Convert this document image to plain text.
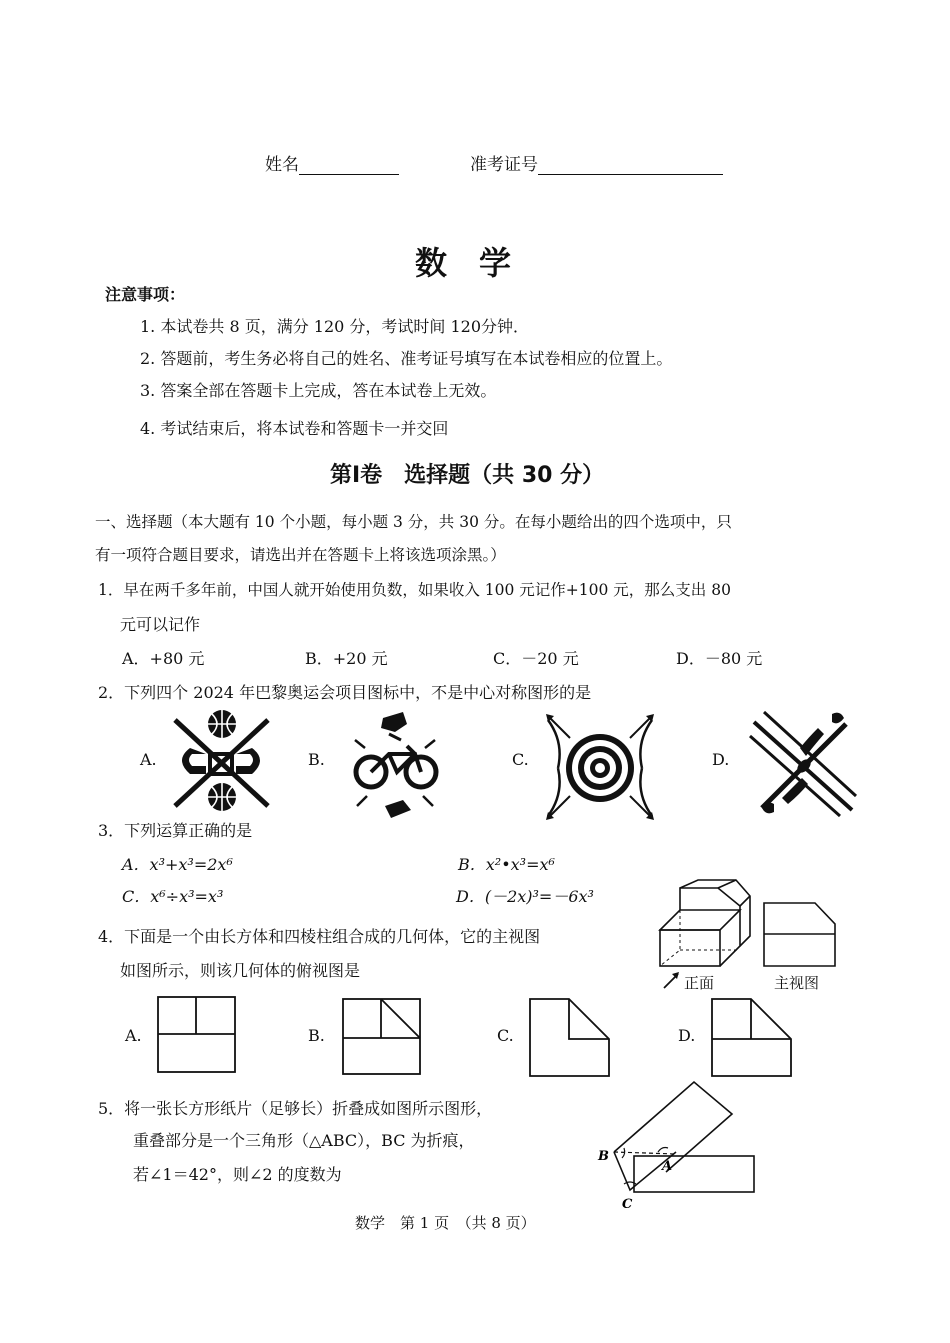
姓名	准考证号
数　学
注意事项：
1. 本试卷共 8 页，满分 120 分，考试时间 120分钟．
2. 答题前，考生务必将自己的姓名、准考证号填写在本试卷相应的位置上。
3. 答案全部在答题卡上完成，答在本试卷上无效。
4. 考试结束后，将本试卷和答题卡一并交回
第Ⅰ卷　选择题（共 30 分）
一、选择题（本大题有 10 个小题，每小题 3 分，共 30 分。在每小题给出的四个选项中，只
有一项符合题目要求，请选出并在答题卡上将该选项涂黑。）
1．早在两千多年前，中国人就开始使用负数，如果收入 100 元记作+100 元，那么支出 80
元可以记作
A．+80 元	B．+20 元	C．－20 元	D．－80 元
2．下列四个 2024 年巴黎奥运会项目图标中，不是中心对称图形的是
A.	B.	C.	D.
3．下列运算正确的是
A．x³+x³=2x⁶	B．x²•x³=x⁶
C．x⁶÷x³=x³	D．(－2x)³=－6x³
4．下面是一个由长方体和四棱柱组合成的几何体，它的主视图
如图所示，则该几何体的俯视图是
正面	主视图
A.	B.	C.	D.
5．将一张长方形纸片（足够长）折叠成如图所示图形，
重叠部分是一个三角形（△ABC），BC 为折痕，
若∠1＝42°，则∠2 的度数为
B
A
C
数学　第 1 页　（共 8 页）
